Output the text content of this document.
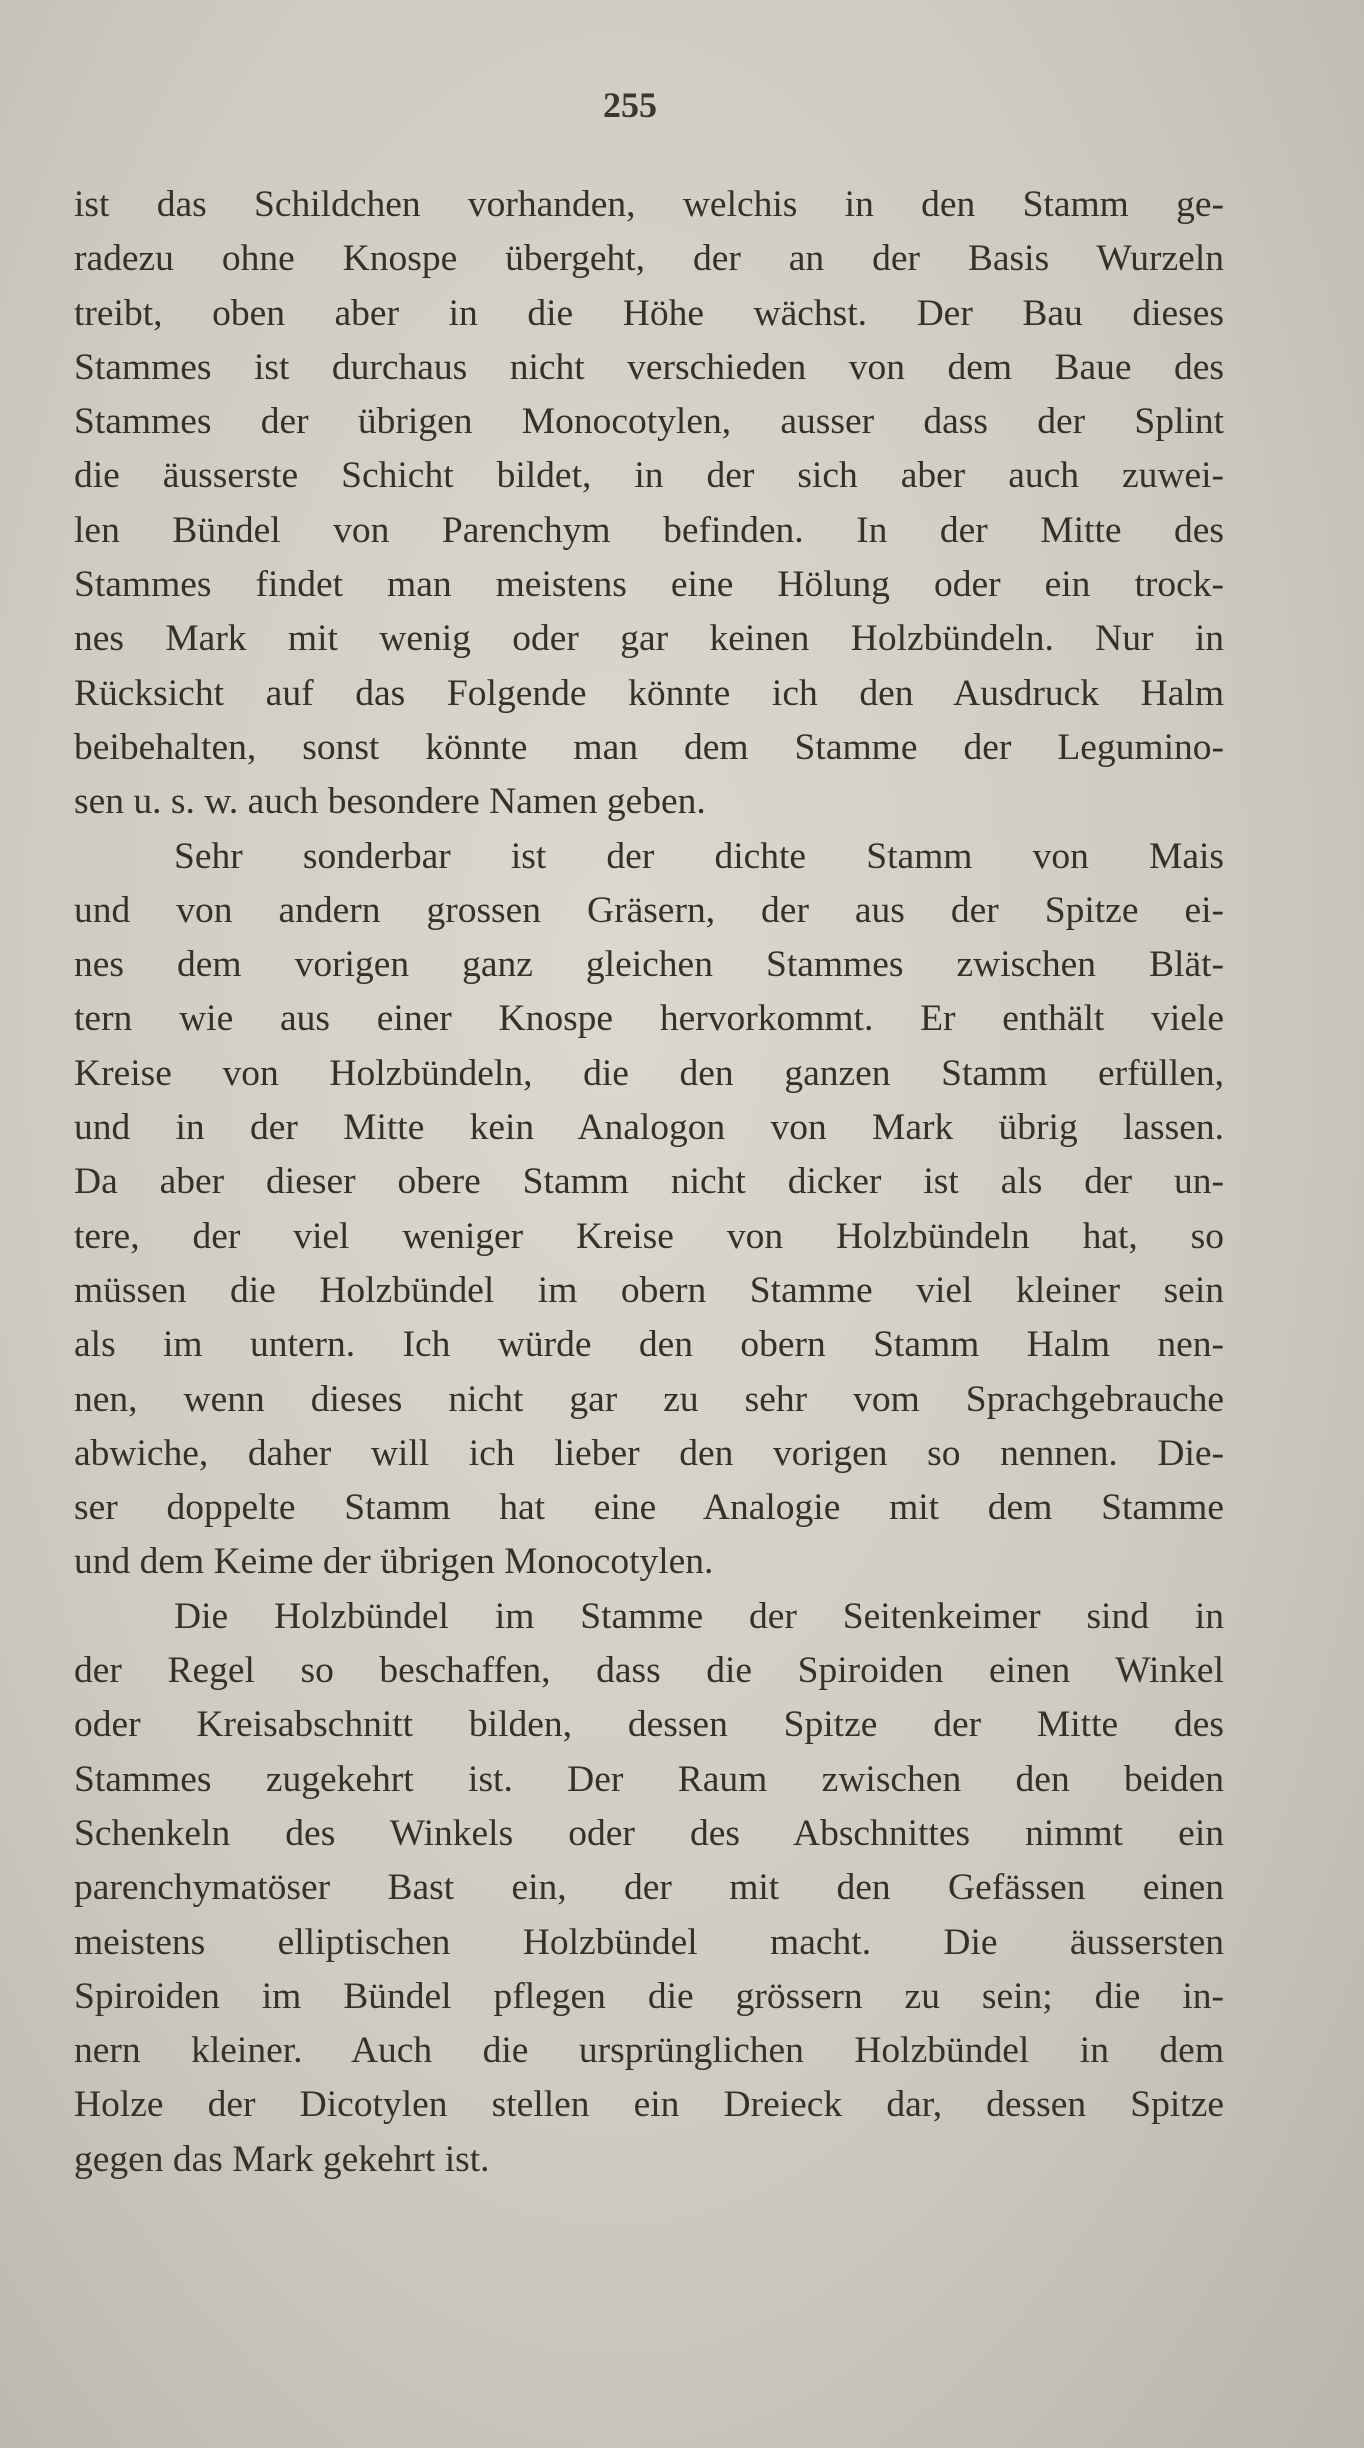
255
ist das Schildchen vorhanden, welchis in den Stamm ge-
radezu ohne Knospe übergeht, der an der Basis Wurzeln
treibt, oben aber in die Höhe wächst. Der Bau dieses
Stammes ist durchaus nicht verschieden von dem Baue des
Stammes der übrigen Monocotylen, ausser dass der Splint
die äusserste Schicht bildet, in der sich aber auch zuwei-
len Bündel von Parenchym befinden. In der Mitte des
Stammes findet man meistens eine Hölung oder ein trock-
nes Mark mit wenig oder gar keinen Holzbündeln. Nur in
Rücksicht auf das Folgende könnte ich den Ausdruck Halm
beibehalten, sonst könnte man dem Stamme der Legumino-
sen u. s. w. auch besondere Namen geben.
Sehr sonderbar ist der dichte Stamm von Mais
und von andern grossen Gräsern, der aus der Spitze ei-
nes dem vorigen ganz gleichen Stammes zwischen Blät-
tern wie aus einer Knospe hervorkommt. Er enthält viele
Kreise von Holzbündeln, die den ganzen Stamm erfüllen,
und in der Mitte kein Analogon von Mark übrig lassen.
Da aber dieser obere Stamm nicht dicker ist als der un-
tere, der viel weniger Kreise von Holzbündeln hat, so
müssen die Holzbündel im obern Stamme viel kleiner sein
als im untern. Ich würde den obern Stamm Halm nen-
nen, wenn dieses nicht gar zu sehr vom Sprachgebrauche
abwiche, daher will ich lieber den vorigen so nennen. Die-
ser doppelte Stamm hat eine Analogie mit dem Stamme
und dem Keime der übrigen Monocotylen.
Die Holzbündel im Stamme der Seitenkeimer sind in
der Regel so beschaffen, dass die Spiroiden einen Winkel
oder Kreisabschnitt bilden, dessen Spitze der Mitte des
Stammes zugekehrt ist. Der Raum zwischen den beiden
Schenkeln des Winkels oder des Abschnittes nimmt ein
parenchymatöser Bast ein, der mit den Gefässen einen
meistens elliptischen Holzbündel macht. Die äussersten
Spiroiden im Bündel pflegen die grössern zu sein; die in-
nern kleiner. Auch die ursprünglichen Holzbündel in dem
Holze der Dicotylen stellen ein Dreieck dar, dessen Spitze
gegen das Mark gekehrt ist.
